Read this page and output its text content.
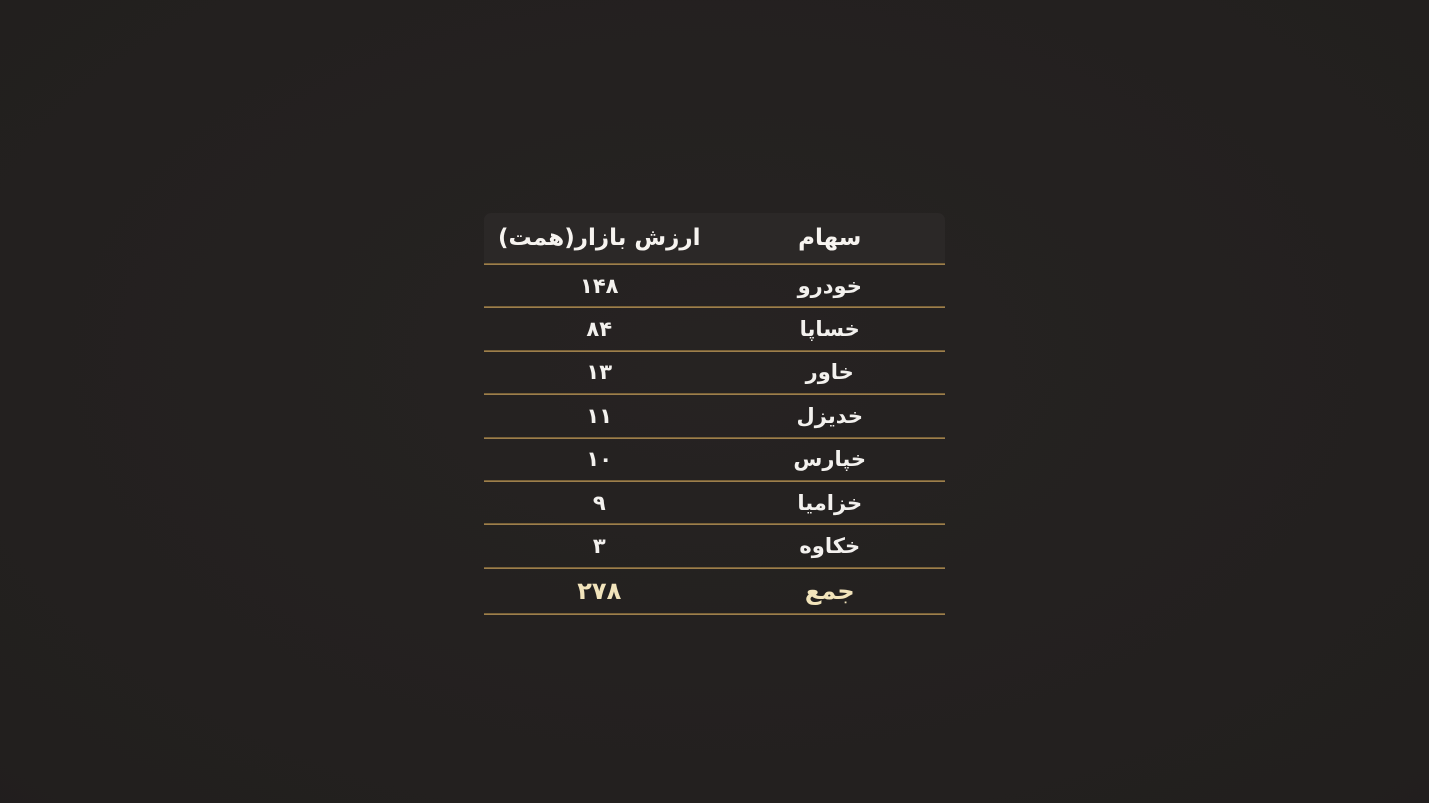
سهام
ارزش بازار(همت)
خودرو
۱۴۸
خساپا
۸۴
خاور
۱۳
خدیزل
۱۱
خپارس
۱۰
خزامیا
۹
خکاوه
۳
جمع
۲۷۸
